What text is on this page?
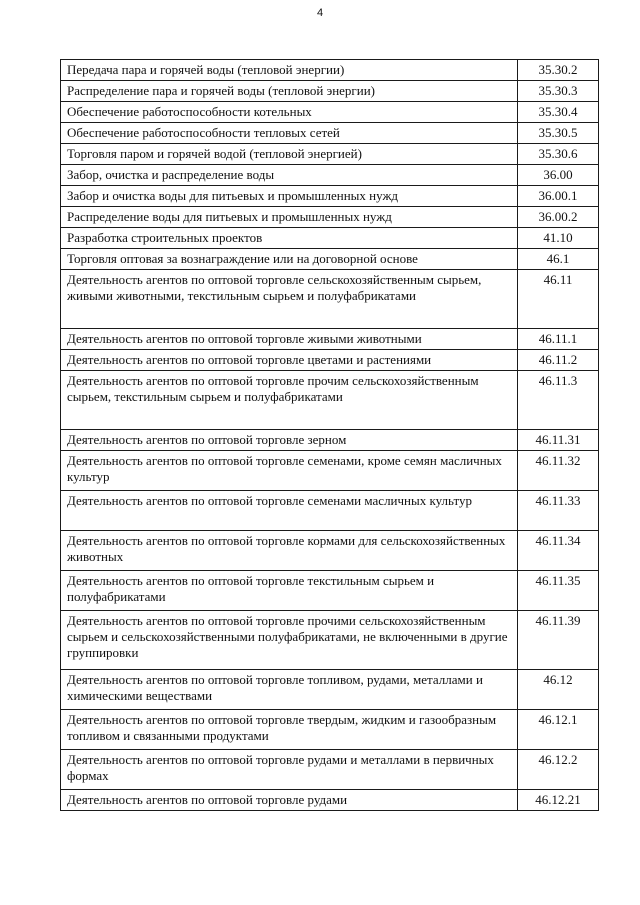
4
Передача пара и горячей воды (тепловой энергии)	35.30.2
Распределение пара и горячей воды (тепловой энергии)	35.30.3
Обеспечение работоспособности котельных	35.30.4
Обеспечение работоспособности тепловых сетей	35.30.5
Торговля паром и горячей водой (тепловой энергией)	35.30.6
Забор, очистка и распределение воды	36.00
Забор и очистка воды для питьевых и промышленных нужд	36.00.1
Распределение воды для питьевых и промышленных нужд	36.00.2
Разработка строительных проектов	41.10
Торговля оптовая за вознаграждение или на договорной основе	46.1
Деятельность агентов по оптовой торговле сельскохозяйственным сырьем, живыми животными, текстильным сырьем и полуфабрикатами	46.11
Деятельность агентов по оптовой торговле живыми животными	46.11.1
Деятельность агентов по оптовой торговле цветами и растениями	46.11.2
Деятельность агентов по оптовой торговле прочим сельскохозяйственным сырьем, текстильным сырьем и полуфабрикатами	46.11.3
Деятельность агентов по оптовой торговле зерном	46.11.31
Деятельность агентов по оптовой торговле семенами, кроме семян масличных культур	46.11.32
Деятельность агентов по оптовой торговле семенами масличных культур	46.11.33
Деятельность агентов по оптовой торговле кормами для сельскохозяйственных животных	46.11.34
Деятельность агентов по оптовой торговле текстильным сырьем и полуфабрикатами	46.11.35
Деятельность агентов по оптовой торговле прочими сельскохозяйственным сырьем и сельскохозяйственными полуфабрикатами, не включенными в другие группировки	46.11.39
Деятельность агентов по оптовой торговле топливом, рудами, металлами и химическими веществами	46.12
Деятельность агентов по оптовой торговле твердым, жидким и газообразным топливом и связанными продуктами	46.12.1
Деятельность агентов по оптовой торговле рудами и металлами в первичных формах	46.12.2
Деятельность агентов по оптовой торговле рудами	46.12.21
